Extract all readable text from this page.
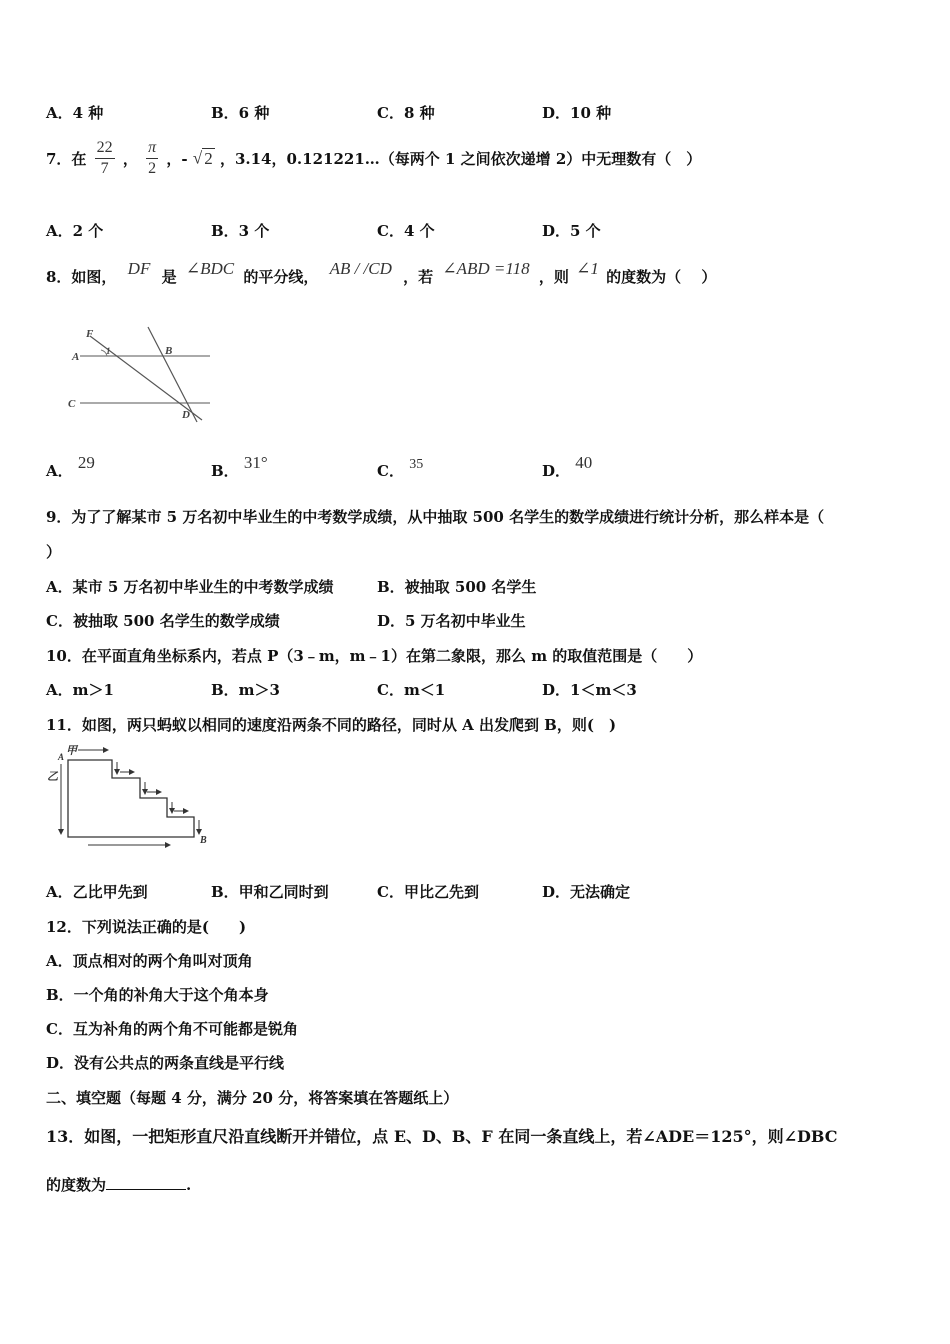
A．4 种	B．6 种	C．8 种	D．10 种
7．在 $\frac{22}{7}$ ， $\frac{\pi}{2}$ ，- √ 2 ，3.14，0.121221…（每两个 1 之间依次递增 2）中无理数有（　）
A．2 个	B．3 个	C．4 个	D．5 个
8．如图， DF 是 ∠BDC 的平分线， AB / /CD ，若 ∠ABD =118 ，则 ∠1 的度数为（　 ）
F
A	1	B
C
D
A． 29	B． 31°	C． 35	D． 40
9．为了了解某市 5 万名初中毕业生的中考数学成绩，从中抽取 500 名学生的数学成绩进行统计分析，那么样本是（
）
A．某市 5 万名初中毕业生的中考数学成绩	B．被抽取 500 名学生
C．被抽取 500 名学生的数学成绩	D．5 万名初中毕业生
10．在平面直角坐标系内，若点 P（3﹣m，m﹣1）在第二象限，那么 m 的取值范围是（　　）
A．m＞1	B．m＞3	C．m＜1	D．1＜m＜3
11．如图，两只蚂蚁以相同的速度沿两条不同的路径，同时从 A 出发爬到 B，则(　)
甲
乙
A
B
A．乙比甲先到	B．甲和乙同时到	C．甲比乙先到	D．无法确定
12．下列说法正确的是(　　)
A．顶点相对的两个角叫对顶角
B．一个角的补角大于这个角本身
C．互为补角的两个角不可能都是锐角
D．没有公共点的两条直线是平行线
二、填空题（每题 4 分，满分 20 分，将答案填在答题纸上）
13．如图，一把矩形直尺沿直线断开并错位，点 E、D、B、F 在同一条直线上，若∠ADE＝125°，则∠DBC
的度数为	.
